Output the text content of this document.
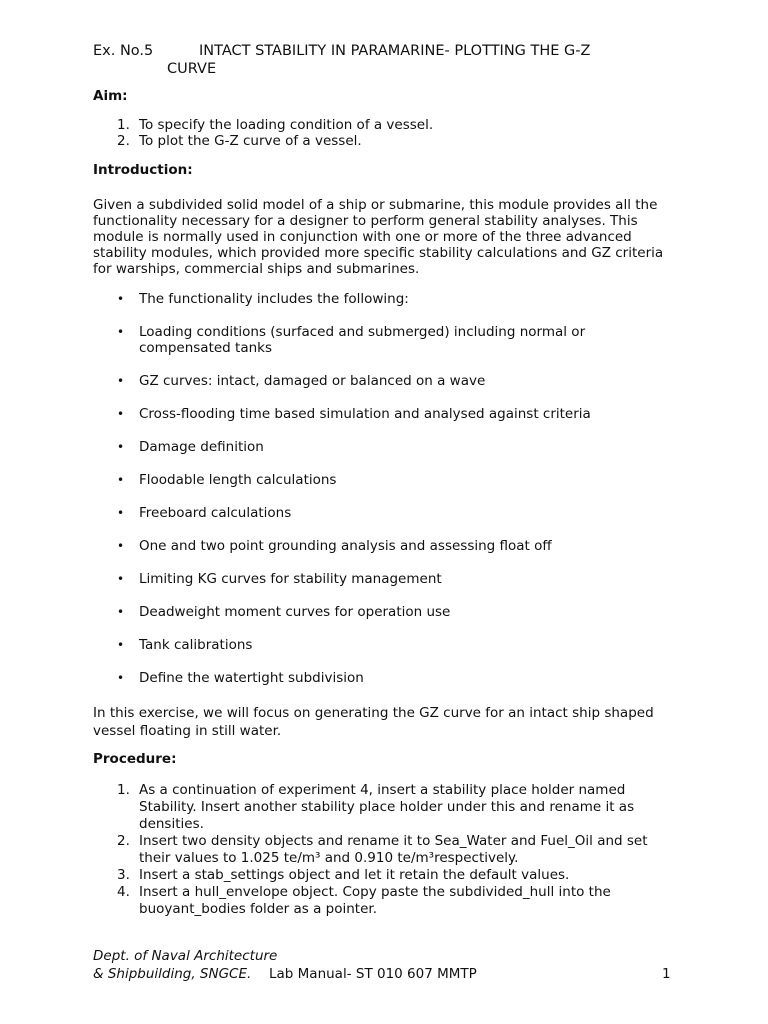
Ex. No.5	INTACT STABILITY IN PARAMARINE- PLOTTING THE G-Z
CURVE
Aim:
1. To specify the loading condition of a vessel.
2. To plot the G-Z curve of a vessel.
Introduction:
Given a subdivided solid model of a ship or submarine, this module provides all the functionality necessary for a designer to perform general stability analyses. This module is normally used in conjunction with one or more of the three advanced stability modules, which provided more specific stability calculations and GZ criteria for warships, commercial ships and submarines.
• The functionality includes the following:
• Loading conditions (surfaced and submerged) including normal or compensated tanks
• GZ curves: intact, damaged or balanced on a wave
• Cross-flooding time based simulation and analysed against criteria
• Damage definition
• Floodable length calculations
• Freeboard calculations
• One and two point grounding analysis and assessing float off
• Limiting KG curves for stability management
• Deadweight moment curves for operation use
• Tank calibrations
• Define the watertight subdivision
In this exercise, we will focus on generating the GZ curve for an intact ship shaped vessel floating in still water.
Procedure:
1. As a continuation of experiment 4, insert a stability place holder named Stability. Insert another stability place holder under this and rename it as densities.
2. Insert two density objects and rename it to Sea_Water and Fuel_Oil and set their values to 1.025 te/m³ and 0.910 te/m³respectively.
3. Insert a stab_settings object and let it retain the default values.
4. Insert a hull_envelope object. Copy paste the subdivided_hull into the buoyant_bodies folder as a pointer.
Dept. of Naval Architecture
& Shipbuilding, SNGCE. Lab Manual- ST 010 607 MMTP	1
